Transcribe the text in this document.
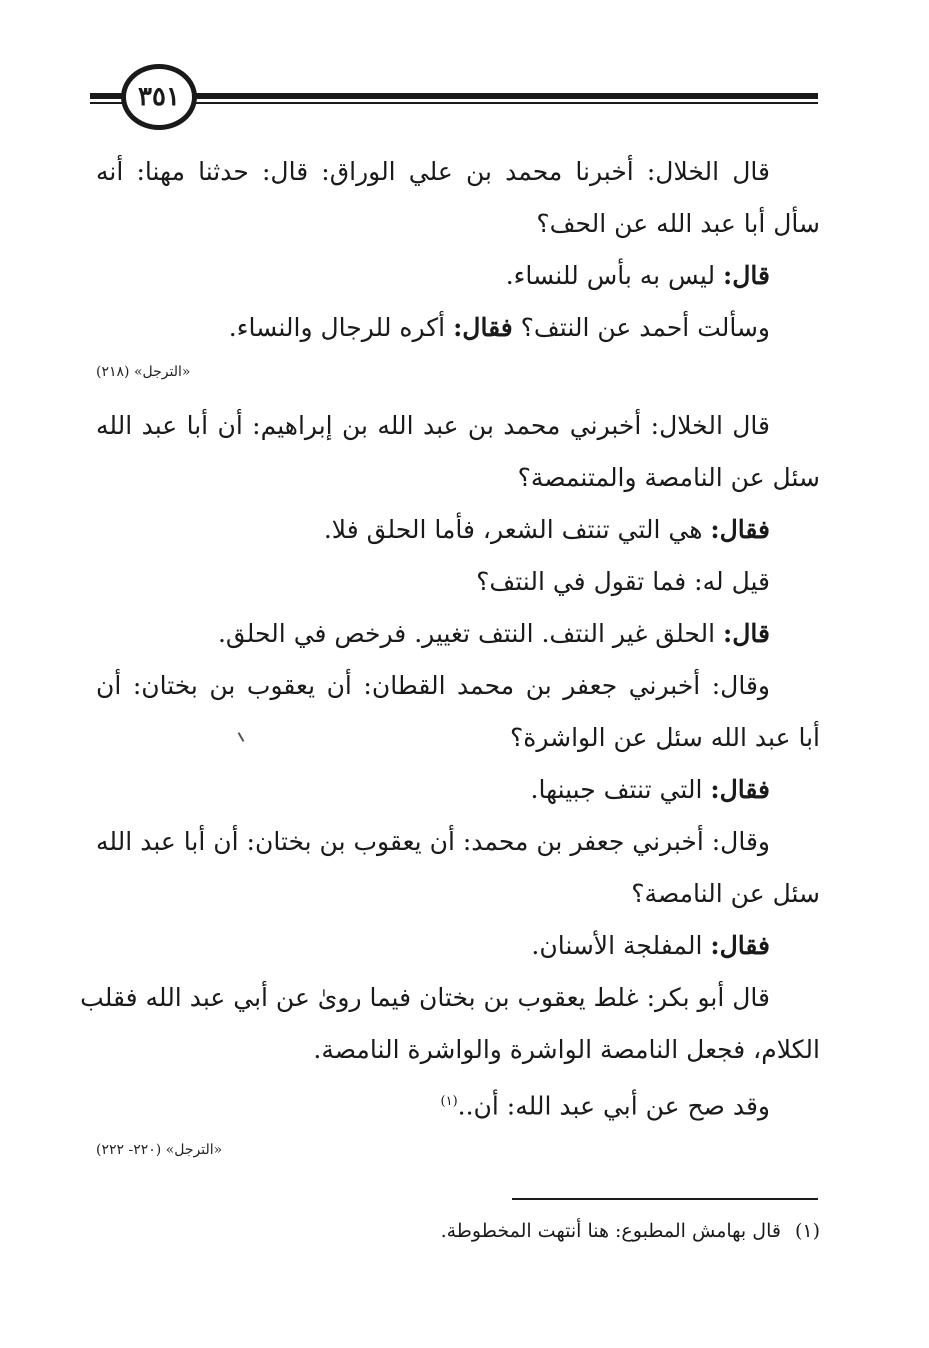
٣٥١
قال الخلال: أخبرنا محمد بن علي الوراق: قال: حدثنا مهنا: أنه
سأل أبا عبد الله عن الحف؟
قال: ليس به بأس للنساء.
وسألت أحمد عن النتف؟ فقال: أكره للرجال والنساء.
«الترجل» (٢١٨)
قال الخلال: أخبرني محمد بن عبد الله بن إبراهيم: أن أبا عبد الله
سئل عن النامصة والمتنمصة؟
فقال: هي التي تنتف الشعر، فأما الحلق فلا.
قيل له: فما تقول في النتف؟
قال: الحلق غير النتف. النتف تغيير. فرخص في الحلق.
وقال: أخبرني جعفر بن محمد القطان: أن يعقوب بن بختان: أن
أبا عبد الله سئل عن الواشرة؟
فقال: التي تنتف جبينها.
وقال: أخبرني جعفر بن محمد: أن يعقوب بن بختان: أن أبا عبد الله
سئل عن النامصة؟
فقال: المفلجة الأسنان.
قال أبو بكر: غلط يعقوب بن بختان فيما روىٰ عن أبي عبد الله فقلب
الكلام، فجعل النامصة الواشرة والواشرة النامصة.
وقد صح عن أبي عبد الله: أن..$^{(١)}$
«الترجل» (٢٢٠- ٢٢٢)
(١)قال بهامش المطبوع: هنا أنتهت المخطوطة.
